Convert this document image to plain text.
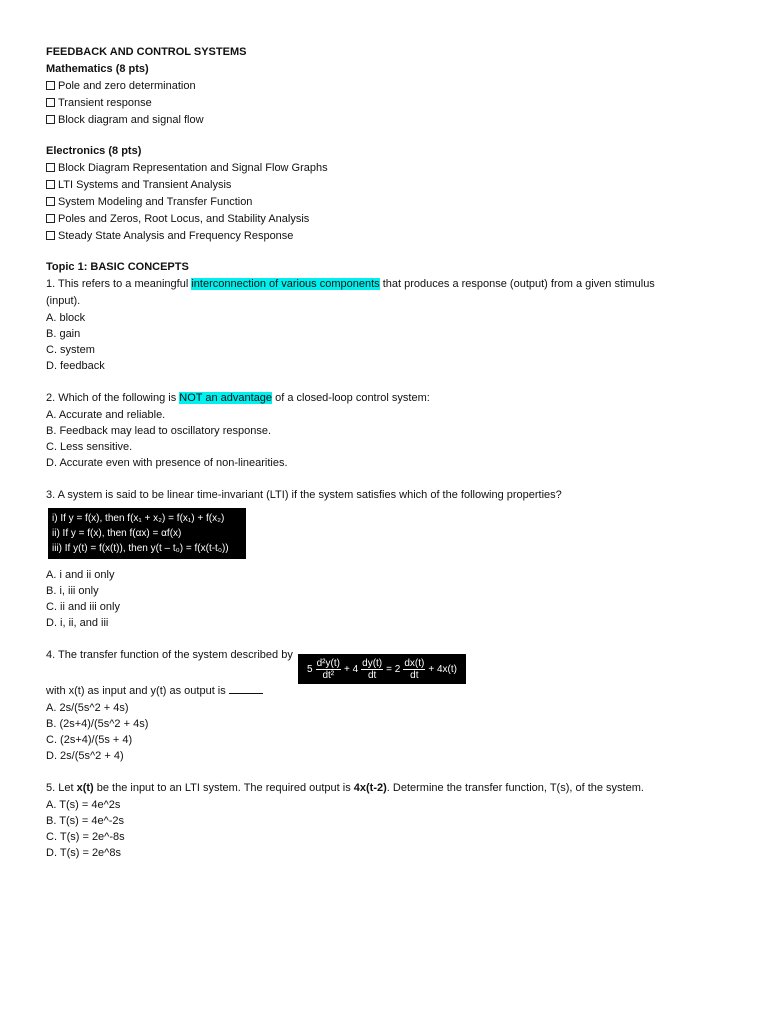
FEEDBACK AND CONTROL SYSTEMS
Mathematics (8 pts)
Pole and zero determination
Transient response
Block diagram and signal flow
Electronics (8 pts)
Block Diagram Representation and Signal Flow Graphs
LTI Systems and Transient Analysis
System Modeling and Transfer Function
Poles and Zeros, Root Locus, and Stability Analysis
Steady State Analysis and Frequency Response
Topic 1: BASIC CONCEPTS
1. This refers to a meaningful interconnection of various components that produces a response (output) from a given stimulus
(input).
A. block
B. gain
C. system
D. feedback
2. Which of the following is NOT an advantage of a closed-loop control system:
A. Accurate and reliable.
B. Feedback may lead to oscillatory response.
C. Less sensitive.
D. Accurate even with presence of non-linearities.
3. A system is said to be linear time-invariant (LTI) if the system satisfies which of the following properties?
i) If y = f(x), then f(x₁ + x₂) = f(x₁) + f(x₂)
ii) If y = f(x), then f(αx) = αf(x)
iii) If y(t) = f(x(t)), then y(t – t₀) = f(x(t-t₀))
A. i and ii only
B. i, iii only
C. ii and iii only
D. i, ii, and iii
4. The transfer function of the system described by
$5 \frac{\text{d²y(t)}}{\text{dt²}} + 4 \frac{dy(t)}{dt} = 2 \frac{dx(t)}{dt} + 4x(t)$
with x(t) as input and y(t) as output is
A. 2s/(5s^2 + 4s)
B. (2s+4)/(5s^2 + 4s)
C. (2s+4)/(5s + 4)
D. 2s/(5s^2 + 4)
5. Let x(t) be the input to an LTI system. The required output is 4x(t-2). Determine the transfer function, T(s), of the system.
A. T(s) = 4e^2s
B. T(s) = 4e^-2s
C. T(s) = 2e^-8s
D. T(s) = 2e^8s
